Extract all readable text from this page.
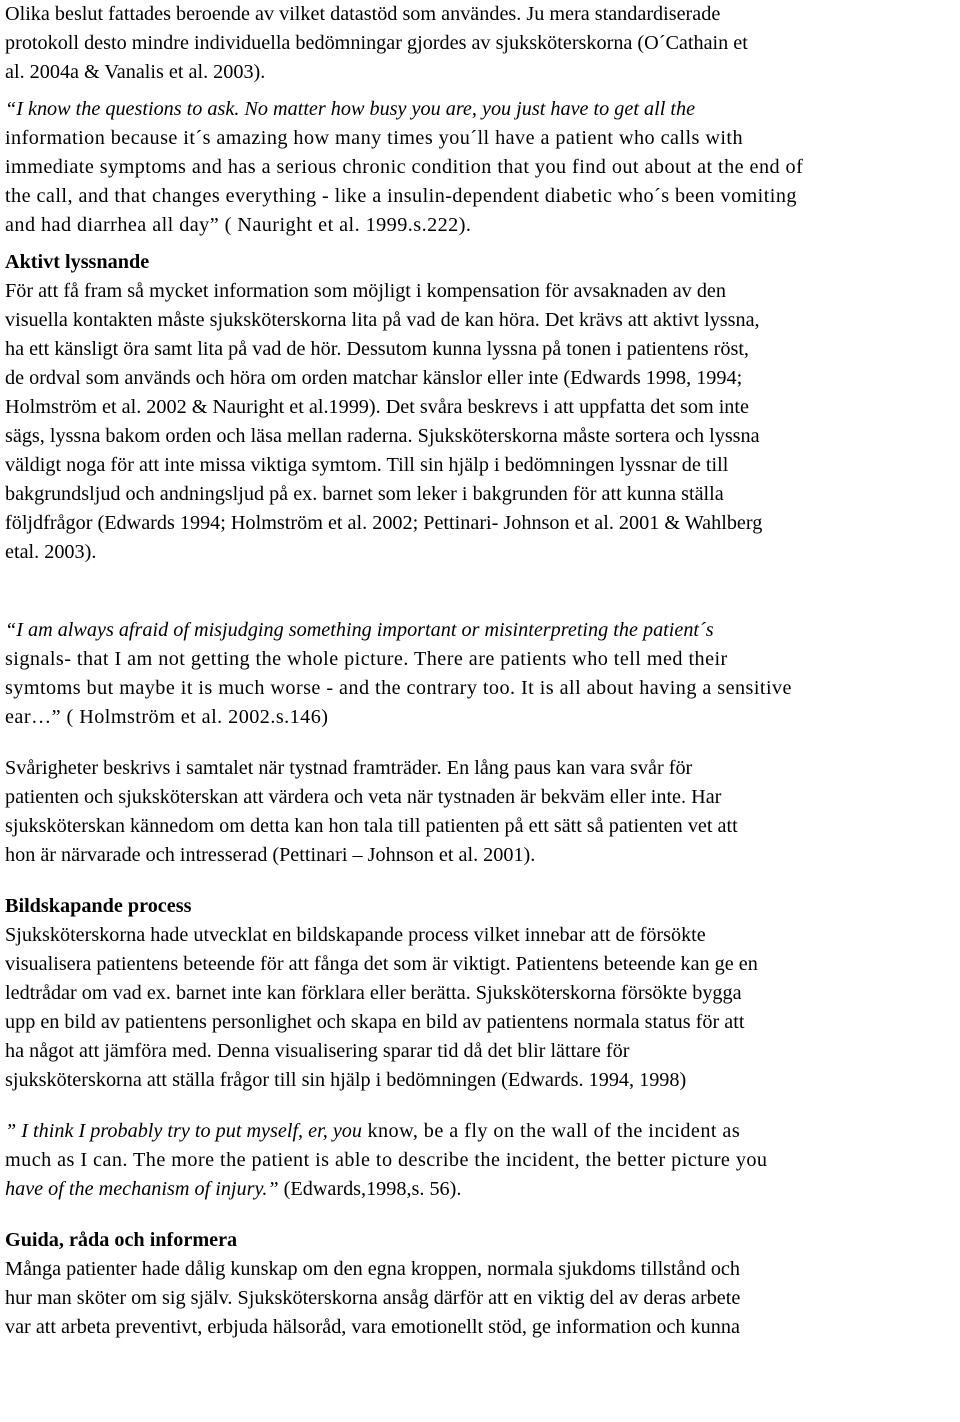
Olika beslut fattades beroende av vilket datastöd som användes. Ju mera standardiserade
protokoll desto mindre individuella bedömningar gjordes av sjuksköterskorna (O´Cathain et
al. 2004a & Vanalis et al. 2003).
“I know the questions to ask. No matter how busy you are, you just have to get all the
information because it´s amazing how many times you´ll have a patient who calls with
immediate symptoms and has a serious chronic condition that you find out about at the end of
the call, and that changes everything - like a insulin-dependent diabetic who´s been vomiting
and had diarrhea all day” ( Nauright et al. 1999.s.222).
Aktivt lyssnande
För att få fram så mycket information som möjligt i kompensation för avsaknaden av den
visuella kontakten måste sjuksköterskorna lita på vad de kan höra. Det krävs att aktivt lyssna,
ha ett känsligt öra samt lita på vad de hör. Dessutom kunna lyssna på tonen i patientens röst,
de ordval som används och höra om orden matchar känslor eller inte (Edwards 1998, 1994;
Holmström et al. 2002 & Nauright et al.1999). Det svåra beskrevs i att uppfatta det som inte
sägs, lyssna bakom orden och läsa mellan raderna. Sjuksköterskorna måste sortera och lyssna
väldigt noga för att inte missa viktiga symtom. Till sin hjälp i bedömningen lyssnar de till
bakgrundsljud och andningsljud på ex. barnet som leker i bakgrunden för att kunna ställa
följdfrågor (Edwards 1994; Holmström et al. 2002; Pettinari- Johnson et al. 2001 & Wahlberg
etal. 2003).
“I am always afraid of misjudging something important or misinterpreting the patient´s
signals- that I am not getting the whole picture. There are patients who tell med their
symtoms but maybe it is much worse - and the contrary too. It is all about having a sensitive
ear…” ( Holmström et al. 2002.s.146)
Svårigheter beskrivs i samtalet när tystnad framträder. En lång paus kan vara svår för
patienten och sjuksköterskan att värdera och veta när tystnaden är bekväm eller inte. Har
sjuksköterskan kännedom om detta kan hon tala till patienten på ett sätt så patienten vet att
hon är närvarade och intresserad (Pettinari – Johnson et al. 2001).
Bildskapande process
Sjuksköterskorna hade utvecklat en bildskapande process vilket innebar att de försökte
visualisera patientens beteende för att fånga det som är viktigt. Patientens beteende kan ge en
ledtrådar om vad ex. barnet inte kan förklara eller berätta. Sjuksköterskorna försökte bygga
upp en bild av patientens personlighet och skapa en bild av patientens normala status för att
ha något att jämföra med. Denna visualisering sparar tid då det blir lättare för
sjuksköterskorna att ställa frågor till sin hjälp i bedömningen (Edwards. 1994, 1998)
” I think I probably try to put myself, er, you know, be a fly on the wall of the incident as
much as I can. The more the patient is able to describe the incident, the better picture you
have of the mechanism of injury.” (Edwards,1998,s. 56).
Guida, råda och informera
Många patienter hade dålig kunskap om den egna kroppen, normala sjukdoms tillstånd och
hur man sköter om sig själv. Sjuksköterskorna ansåg därför att en viktig del av deras arbete
var att arbeta preventivt, erbjuda hälsoråd, vara emotionellt stöd, ge information och kunna
